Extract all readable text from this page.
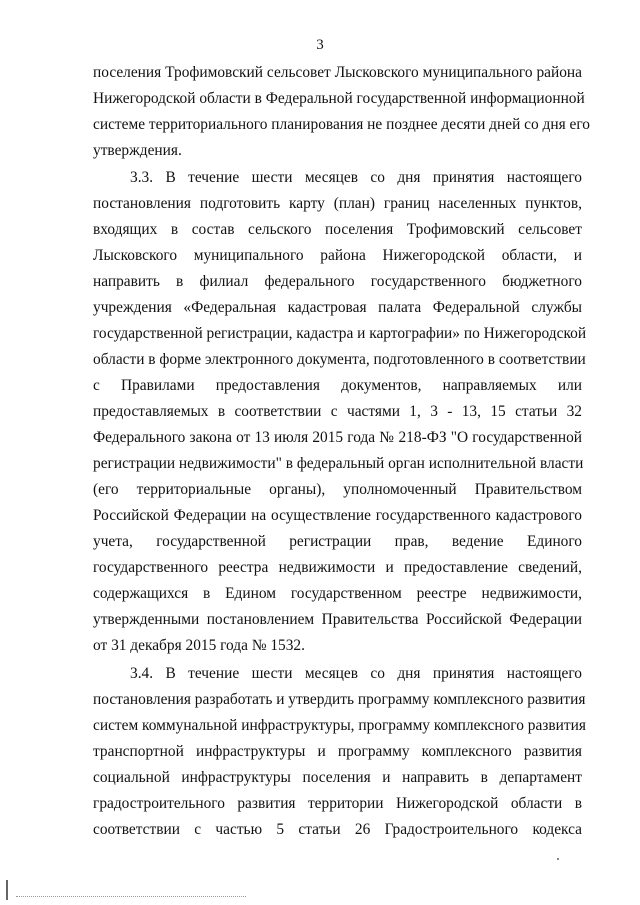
3
поселения Трофимовский сельсовет Лысковского муниципального района
Нижегородской области в Федеральной государственной информационной
системе территориального планирования не позднее десяти дней со дня его
утверждения.
3.3. В течение шести месяцев со дня принятия настоящего
постановления подготовить карту (план) границ населенных пунктов,
входящих в состав сельского поселения Трофимовский сельсовет
Лысковского муниципального района Нижегородской области, и
направить в филиал федерального государственного бюджетного
учреждения «Федеральная кадастровая палата Федеральной службы
государственной регистрации, кадастра и картографии» по Нижегородской
области в форме электронного документа, подготовленного в соответствии
с Правилами предоставления документов, направляемых или
предоставляемых в соответствии с частями 1, 3 - 13, 15 статьи 32
Федерального закона от 13 июля 2015 года № 218-ФЗ "О государственной
регистрации недвижимости" в федеральный орган исполнительной власти
(его территориальные органы), уполномоченный Правительством
Российской Федерации на осуществление государственного кадастрового
учета, государственной регистрации прав, ведение Единого
государственного реестра недвижимости и предоставление сведений,
содержащихся в Едином государственном реестре недвижимости,
утвержденными постановлением Правительства Российской Федерации
от 31 декабря 2015 года № 1532.
3.4. В течение шести месяцев со дня принятия настоящего
постановления разработать и утвердить программу комплексного развития
систем коммунальной инфраструктуры, программу комплексного развития
транспортной инфраструктуры и программу комплексного развития
социальной инфраструктуры поселения и направить в департамент
градостроительного развития территории Нижегородской области в
соответствии с частью 5 статьи 26 Градостроительного кодекса
